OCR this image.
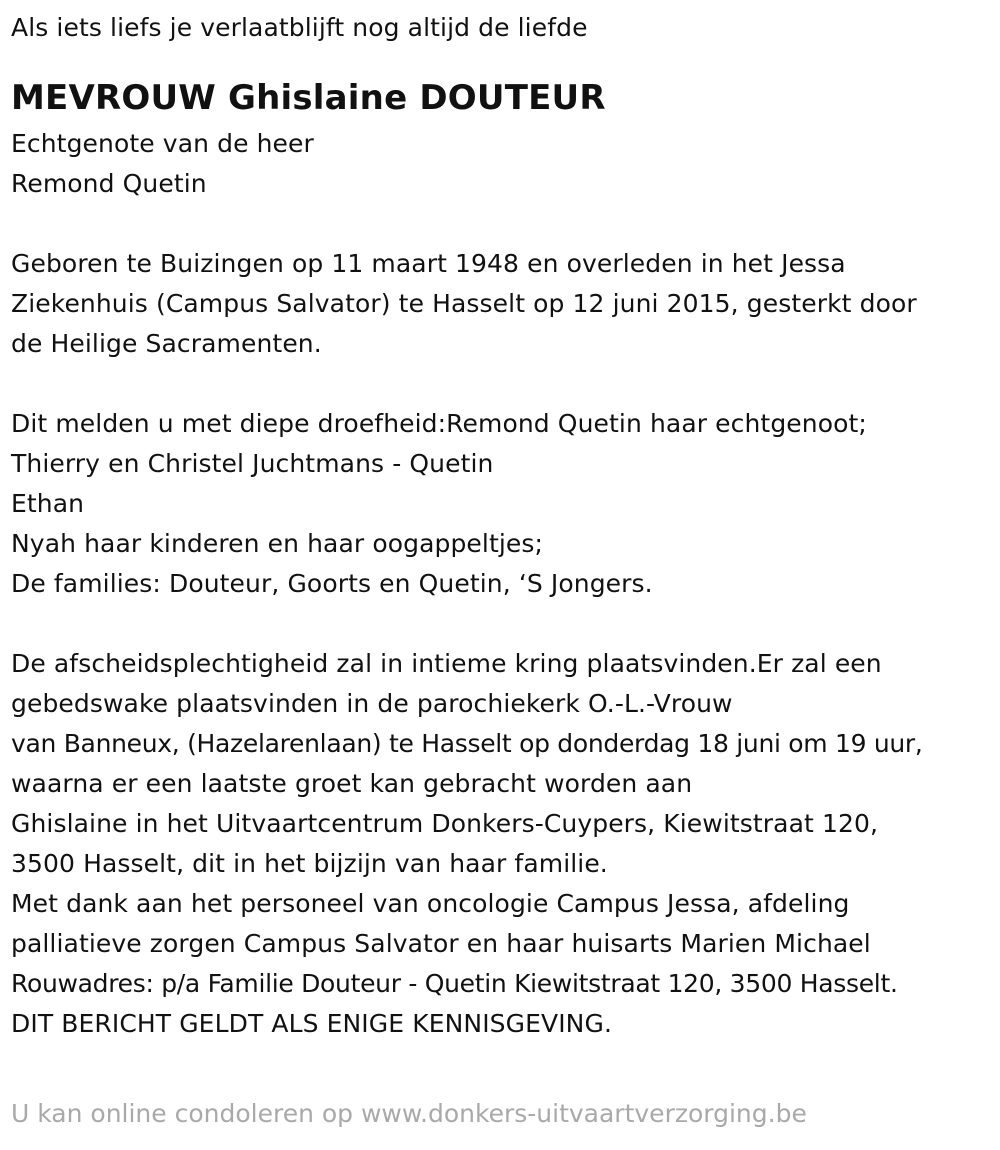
Als iets liefs je verlaatblijft nog altijd de liefde
MEVROUW Ghislaine DOUTEUR
Echtgenote van de heer
Remond Quetin
Geboren te Buizingen op 11 maart 1948 en overleden in het Jessa
Ziekenhuis (Campus Salvator) te Hasselt op 12 juni 2015, gesterkt door
de Heilige Sacramenten.
Dit melden u met diepe droefheid:Remond Quetin haar echtgenoot;
Thierry en Christel Juchtmans - Quetin
Ethan
Nyah haar kinderen en haar oogappeltjes;
De families: Douteur, Goorts en Quetin, ‘S Jongers.
De afscheidsplechtigheid zal in intieme kring plaatsvinden.Er zal een
gebedswake plaatsvinden in de parochiekerk O.-L.-Vrouw
van Banneux, (Hazelarenlaan) te Hasselt op donderdag 18 juni om 19 uur,
waarna er een laatste groet kan gebracht worden aan
Ghislaine in het Uitvaartcentrum Donkers-Cuypers, Kiewitstraat 120,
3500 Hasselt, dit in het bijzijn van haar familie.
Met dank aan het personeel van oncologie Campus Jessa, afdeling
palliatieve zorgen Campus Salvator en haar huisarts Marien Michael
Rouwadres: p/a Familie Douteur - Quetin Kiewitstraat 120, 3500 Hasselt.
DIT BERICHT GELDT ALS ENIGE KENNISGEVING.
U kan online condoleren op www.donkers-uitvaartverzorging.be
